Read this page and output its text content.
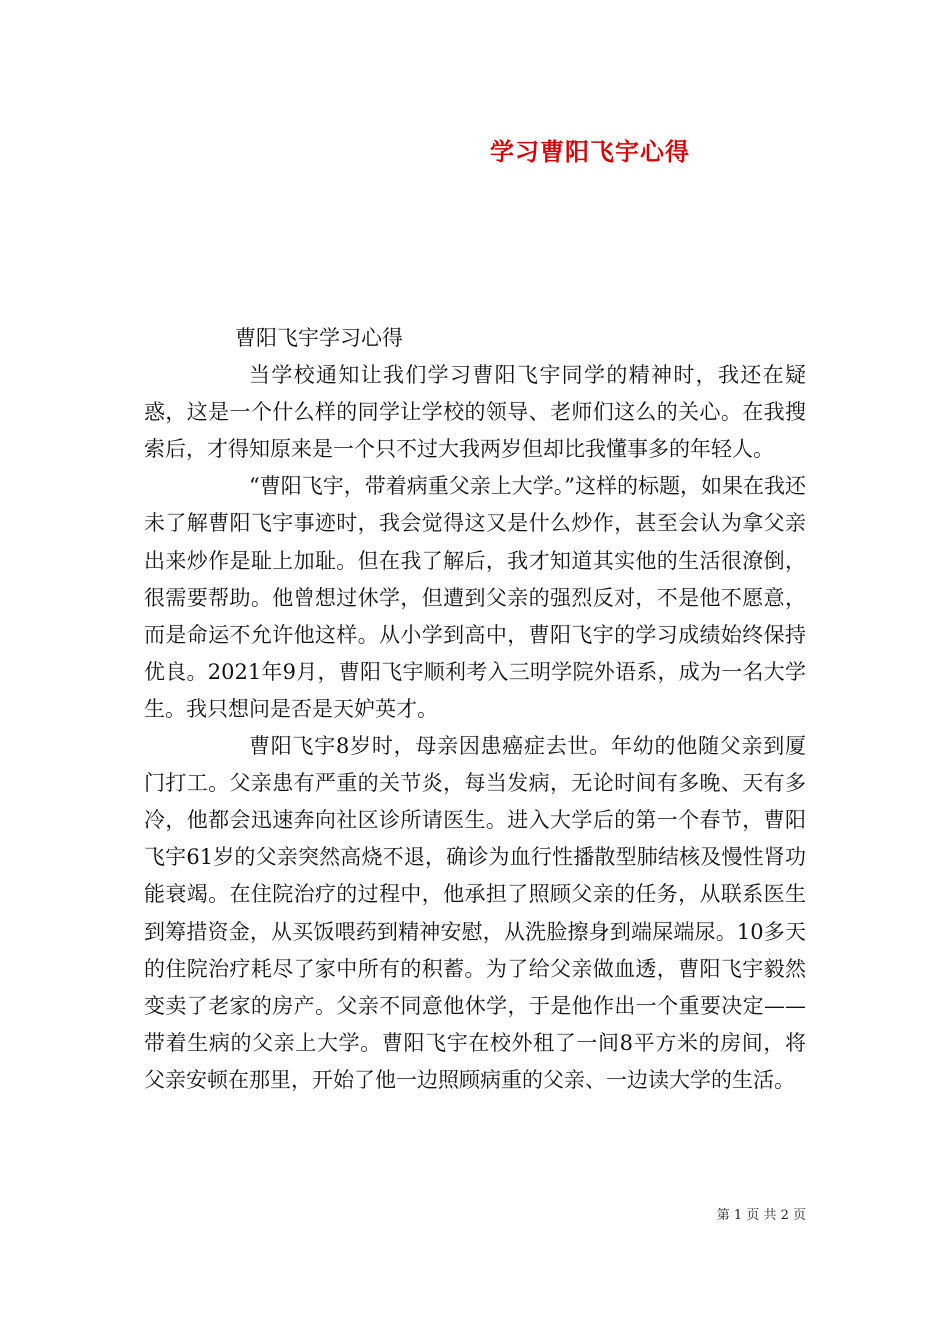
学习曹阳飞宇心得

曹阳飞宇学习心得

当学校通知让我们学习曹阳飞宇同学的精神时，我还在疑惑，这是一个什么样的同学让学校的领导、老师们这么的关心。在我搜索后，才得知原来是一个只不过大我两岁但却比我懂事多的年轻人。

“曹阳飞宇，带着病重父亲上大学。”这样的标题，如果在我还未了解曹阳飞宇事迹时，我会觉得这又是什么炒作，甚至会认为拿父亲出来炒作是耻上加耻。但在我了解后，我才知道其实他的生活很潦倒，很需要帮助。他曾想过休学，但遭到父亲的强烈反对，不是他不愿意，而是命运不允许他这样。从小学到高中，曹阳飞宇的学习成绩始终保持优良。2021年9月，曹阳飞宇顺利考入三明学院外语系，成为一名大学生。我只想问是否是天妒英才。

曹阳飞宇8岁时，母亲因患癌症去世。年幼的他随父亲到厦门打工。父亲患有严重的关节炎，每当发病，无论时间有多晚、天有多冷，他都会迅速奔向社区诊所请医生。进入大学后的第一个春节，曹阳飞宇61岁的父亲突然高烧不退，确诊为血行性播散型肺结核及慢性肾功能衰竭。在住院治疗的过程中，他承担了照顾父亲的任务，从联系医生到筹措资金，从买饭喂药到精神安慰，从洗脸擦身到端屎端尿。10多天的住院治疗耗尽了家中所有的积蓄。为了给父亲做血透，曹阳飞宇毅然变卖了老家的房产。父亲不同意他休学，于是他作出一个重要决定——带着生病的父亲上大学。曹阳飞宇在校外租了一间8平方米的房间，将父亲安顿在那里，开始了他一边照顾病重的父亲、一边读大学的生活。

第 1 页 共 2 页
